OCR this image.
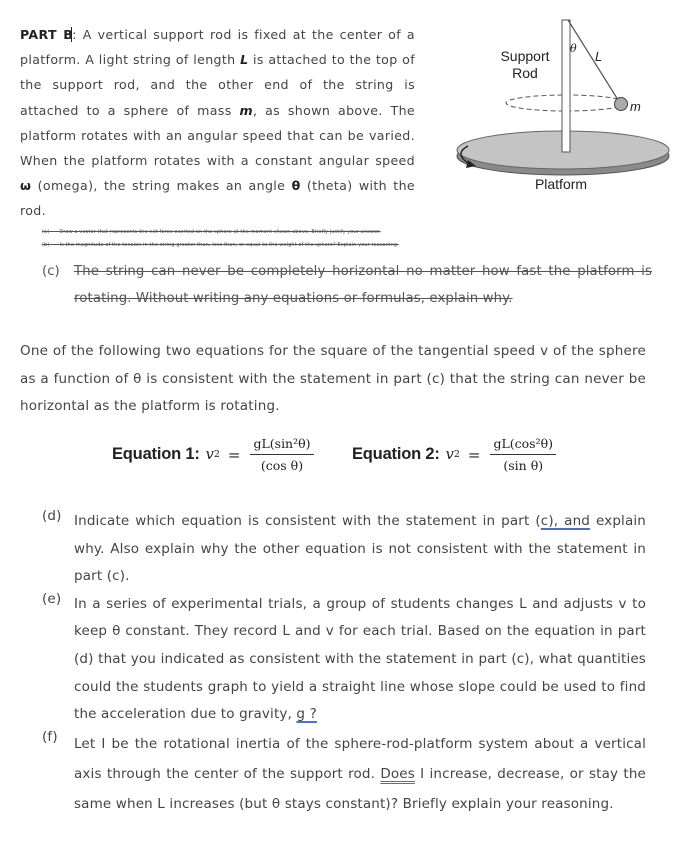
PART B: A vertical support rod is fixed at the center of a platform. A light string of length L is attached to the top of the support rod, and the other end of the string is attached to a sphere of mass m, as shown above. The platform rotates with an angular speed that can be varied. When the platform rotates with a constant angular speed ω (omega), the string makes an angle θ (theta) with the rod.
Support
Rod
θ
L
m
Platform
(a) Draw a vector that represents the net force exerted on the sphere at the moment shown above. Briefly justify your answer.
(b) Is the magnitude of the tension in the string greater than, less than, or equal to the weight of the sphere? Explain your reasoning.
(c) The string can never be completely horizontal no matter how fast the platform is rotating. Without writing any equations or formulas, explain why.
One of the following two equations for the square of the tangential speed v of the sphere as a function of θ is consistent with the statement in part (c) that the string can never be horizontal as the platform is rotating.
Equation 1: v $2 = \frac{\text{gL(sin²θ)}}{\text{(cos θ)}}$ Equation 2: v $2 = \frac{\text{gL(cos²θ)}}{\text{(sin θ)}}$
(d) Indicate which equation is consistent with the statement in part (c), and explain why. Also explain why the other equation is not consistent with the statement in part (c).
(e) In a series of experimental trials, a group of students changes L and adjusts v to keep θ constant. They record L and v for each trial. Based on the equation in part (d) that you indicated as consistent with the statement in part (c), what quantities could the students graph to yield a straight line whose slope could be used to find the acceleration due to gravity, g ?
(f) Let I be the rotational inertia of the sphere-rod-platform system about a vertical axis through the center of the support rod. Does I increase, decrease, or stay the same when L increases (but θ stays constant)? Briefly explain your reasoning.
